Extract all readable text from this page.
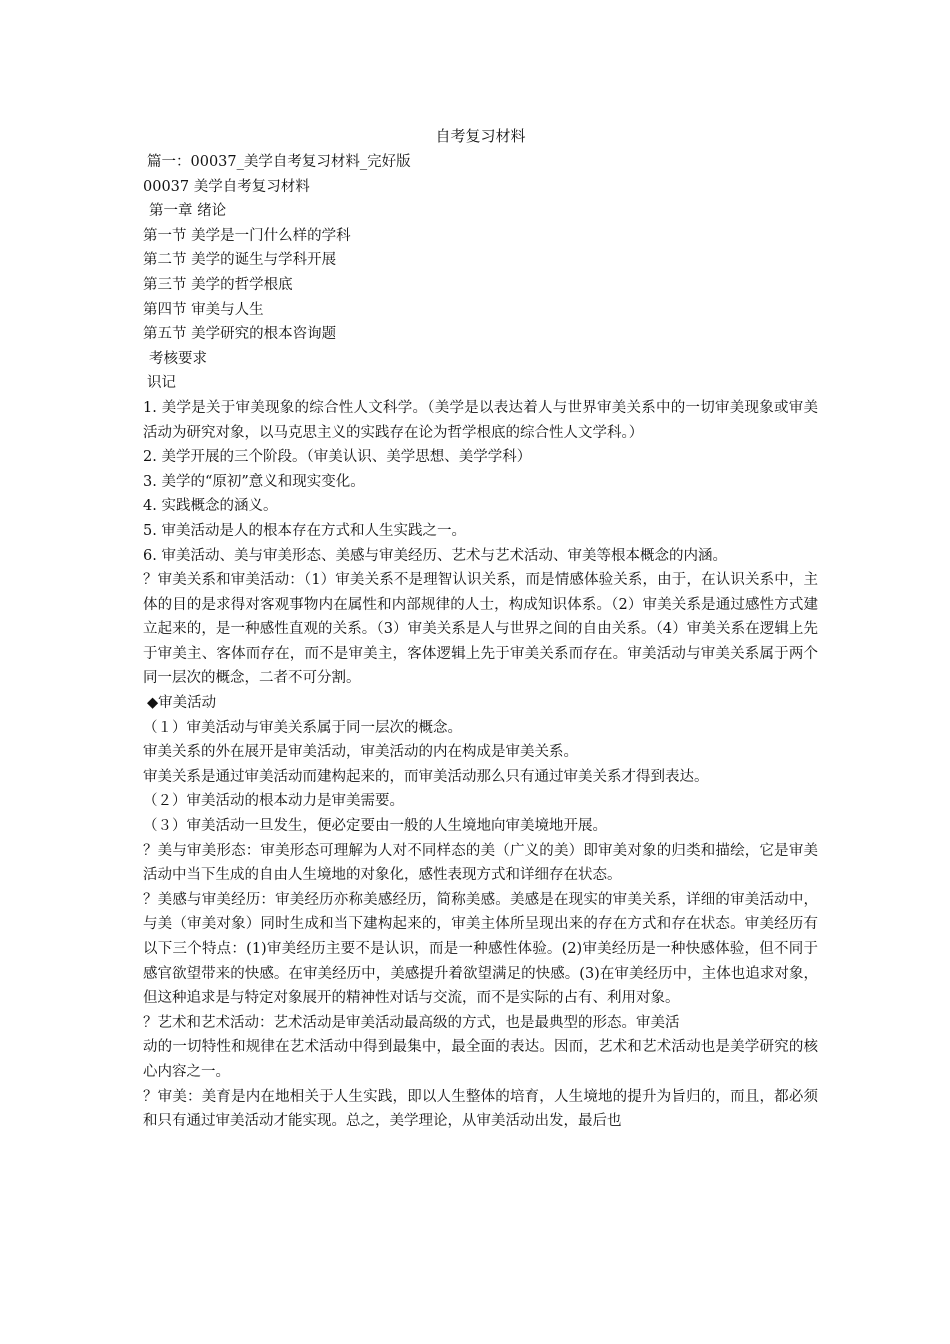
自考复习材料

篇一：00037_美学自考复习材料_完好版

00037 美学自考复习材料

第一章 绪论

第一节 美学是一门什么样的学科

第二节 美学的诞生与学科开展

第三节 美学的哲学根底

第四节 审美与人生

第五节 美学研究的根本咨询题

考核要求

识记

1. 美学是关于审美现象的综合性人文科学。（美学是以表达着人与世界审美关系中的一切审美现象或审美活动为研究对象，以马克思主义的实践存在论为哲学根底的综合性人文学科。）

2. 美学开展的三个阶段。（审美认识、美学思想、美学学科）

3. 美学的“原初”意义和现实变化。

4. 实践概念的涵义。

5. 审美活动是人的根本存在方式和人生实践之一。

6. 审美活动、美与审美形态、美感与审美经历、艺术与艺术活动、审美等根本概念的内涵。

？审美关系和审美活动：（1）审美关系不是理智认识关系，而是情感体验关系，由于，在认识关系中，主体的目的是求得对客观事物内在属性和内部规律的人士，构成知识体系。（2）审美关系是通过感性方式建立起来的，是一种感性直观的关系。（3）审美关系是人与世界之间的自由关系。（4）审美关系在逻辑上先于审美主、客体而存在，而不是审美主，客体逻辑上先于审美关系而存在。审美活动与审美关系属于两个同一层次的概念，二者不可分割。

◆审美活动

（１）审美活动与审美关系属于同一层次的概念。

审美关系的外在展开是审美活动，审美活动的内在构成是审美关系。

审美关系是通过审美活动而建构起来的，而审美活动那么只有通过审美关系才得到表达。

（２）审美活动的根本动力是审美需要。

（３）审美活动一旦发生，便必定要由一般的人生境地向审美境地开展。

？美与审美形态：审美形态可理解为人对不同样态的美（广义的美）即审美对象的归类和描绘，它是审美活动中当下生成的自由人生境地的对象化，感性表现方式和详细存在状态。

？美感与审美经历：审美经历亦称美感经历，简称美感。美感是在现实的审美关系，详细的审美活动中，与美（审美对象）同时生成和当下建构起来的，审美主体所呈现出来的存在方式和存在状态。审美经历有以下三个特点：(1)审美经历主要不是认识，而是一种感性体验。(2)审美经历是一种快感体验，但不同于感官欲望带来的快感。在审美经历中，美感提升着欲望满足的快感。(3)在审美经历中，主体也追求对象，但这种追求是与特定对象展开的精神性对话与交流，而不是实际的占有、利用对象。

？艺术和艺术活动：艺术活动是审美活动最高级的方式，也是最典型的形态。审美活

动的一切特性和规律在艺术活动中得到最集中，最全面的表达。因而，艺术和艺术活动也是美学研究的核心内容之一。

？审美：美育是内在地相关于人生实践，即以人生整体的培育，人生境地的提升为旨归的，而且，都必须和只有通过审美活动才能实现。总之，美学理论，从审美活动出发，最后也
